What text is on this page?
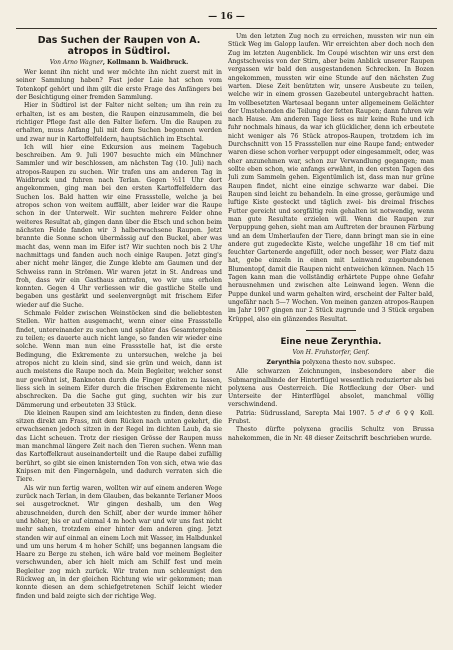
— 16 —
Das Suchen der Raupen von A. atropos in Südtirol.
Von Arno Wagner, Kollmann b. Waidbruck.

Wer kennt ihn nicht und wer möchte ihn nicht zuerst mit in seiner Sammlung haben? Fast jeder Laie hat schon vom Totenkopf gehört und ihm gilt die erste Frage des Anfängers bei der Besichtigung einer fremden Sammlung.

Hier in Südtirol ist der Falter nicht selten; um ihn rein zu erhalten, ist es am besten, die Raupen einzusammeln, die bei richtiger Pflege fast alle den Falter liefern. Um die Raupen zu erhalten, muss Anfang Juli mit dem Suchen begonnen werden und zwar nur in Kartoffelfeldern, hauptsächlich im Etschtal.

Ich will hier eine Exkursion aus meinem Tagebuch beschreiben. Am 9. Juli 1907 besuchte mich ein Münchner Sammler und wir beschlossen, am nächsten Tag (10. Juli) nach atropos-Raupen zu suchen. Wir trafen uns am anderen Tag in Waidbruck und fuhren nach Terlan. Gegen ½11 Uhr dort angekommen, ging man bei den ersten Kartoffelfeldern das Suchen los. Bald hatten wir eine Frassstelle, welche ja bei atropos schon von weitem auffällt, aber leider war die Raupe schon in der Unterwelt. Wir suchten mehrere Felder ohne weiteres Resultat ab, gingen dann über die Etsch und schon beim nächsten Felde fanden wir 3 halberwachsene Raupen. Jetzt brannte die Sonne schon übermässig auf den Buckel, aber was macht das, wenn man im Eifer ist? Wir suchten noch bis 2 Uhr nachmittags und fanden auch noch einige Raupen. Jetzt ging's aber nicht mehr länger, die Zunge klebte am Gaumen und der Schweiss rann in Strömen. Wir waren jetzt in St. Andreas und froh, dass wir ein Gasthaus antrafen, wo wir uns erholen konnten. Gegen 4 Uhr verliessen wir die gastliche Stelle und begaben uns gestärkt und seelenvergnügt mit frischem Eifer wieder auf die Suche.

Schmale Felder zwischen Weinstöcken sind die beliebtesten Stellen. Wir hatten ausgemacht, wenn einer eine Frassstelle findet, untereinander zu suchen und später das Gesamtergebnis zu teilen; es dauerte auch nicht lange, so fanden wir wieder eine solche. Wenn man nun eine Frassstelle hat, ist die erste Bedingung, die Exkremente zu untersuchen, welche ja bei atropos nicht zu klein sind, sind sie grün und weich, dann ist auch meistens die Raupe noch da. Mein Begleiter, welcher sonst nur gewöhnt ist, Banknoten durch die Finger gleiten zu lassen, liess sich in seinem Eifer durch die frischen Exkremente nicht abschrecken. Da die Sache gut ging, suchten wir bis zur Dämmerung und erbeuteten 33 Stück.

Die kleinen Raupen sind am leichtesten zu finden, denn diese sitzen direkt am Frass, mit dem Rücken nach unten gekehrt, die erwachsenen jedoch sitzen in der Regel im dichten Laub, da sie das Licht scheuen. Trotz der riesigen Grösse der Raupen muss man manchmal längere Zeit nach den Tieren suchen. Wenn man das Kartoffelkraut auseinanderteilt und die Raupe dabei zufällig berührt, so gibt sie einen knisternden Ton von sich, etwa wie das Knipsen mit den Fingernägeln, und dadurch verraten sich die Tiere.

Als wir nun fertig waren, wollten wir auf einem anderen Wege zurück nach Terlan, in dem Glauben, das bekannte Terlaner Moos sei ausgetrocknet. Wir gingen deshalb, um den Weg abzuschneiden, durch den Schilf, aber der wurde immer höher und höher, bis er auf einmal 4 m hoch war und wir uns fast nicht mehr sahen, trotzdem einer hinter dem anderen ging. Jetzt standen wir auf einmal an einem Loch mit Wasser, im Halbdunkel und um uns herum 4 m hoher Schilf; uns begannen langsam die Haare zu Berge zu stehen, ich wäre bald vor meinem Begleiter verschwunden, aber ich hielt mich am Schilf fest und mein Begleiter zog mich zurück. Wir traten nun schleunigst den Rückweg an, in der gleichen Richtung wie wir gekommen; man konnte diesen an dem schiefgetretenen Schilf leicht wieder finden und bald zeigte sich der richtige Weg.

Um den letzten Zug noch zu erreichen, mussten wir nun ein Stück Weg im Galopp laufen. Wir erreichten aber doch noch den Zug im letzten Augenblick. Im Coupé wischten wir uns erst den Angstschweiss von der Stirn, aber beim Anblick unserer Raupen vergassen wir bald den ausgestandenen Schrecken. In Bozen angekommen, mussten wir eine Stunde auf den nächsten Zug warten. Diese Zeit benützten wir, unsere Ausbeute zu teilen, welche wir in einem grossen Gazebeutel untergebracht hatten. Im vollbesetzten Wartesaal begann unter allgemeinem Gelächter der Umstehenden die Teilung der fetten Raupen; dann fuhren wir nach Hause. Am anderen Tage liess es mir keine Ruhe und ich fuhr nochmals hinaus, da war ich glücklicher, denn ich erbeutete nicht weniger als 76 Stück atropos-Raupen, trotzdem ich im Durchschnitt von 15 Frassstellen nur eine Raupe fand; entweder waren diese schon vorher verpuppt oder eingesammelt, oder, was eher anzunehmen war, schon zur Verwandlung gegangen; man sollte eben schon, wie anfangs erwähnt, in den ersten Tagen des Juli zum Sammeln gehen. Eigentümlich ist, dass man nur grüne Raupen findet, nicht eine einzige schwarze war dabei. Die Raupen sind leicht zu behandeln. In eine grosse, geräumige und luftige Kiste gesteckt und täglich zwei- bis dreimal frisches Futter gereicht und sorgfältig rein gehalten ist notwendig, wenn man gute Resultate erzielen will. Wenn die Raupen zur Verpuppung gehen, sieht man am Auftreten der braunen Färbung und an dem Umherlaufen der Tiere, dann bringt man sie in eine andere gut zugedeckte Kiste, welche ungefähr 18 cm tief mit feuchter Gartenerde angefüllt, oder noch besser, wer Platz dazu hat, gebe einzeln in einen mit Leinwand zugebundenen Blumentopf, damit die Raupen nicht entweichen können. Nach 15 Tagen kann man die vollständig erhärtete Puppe ohne Gefahr herausnehmen und zwischen alte Leinwand legen. Wenn die Puppe dunkel und warm gehalten wird, erscheint der Falter bald, ungefähr nach 5—7 Wochen. Von meinen ganzen atropos-Raupen im Jahr 1907 gingen nur 2 Stück zugrunde und 3 Stück ergaben Krüppel, also ein glänzendes Resultat.

Eine neue Zerynthia.
Von H. Fruhstorfer, Genf.
Zerynthia polyxena thesto nov. subspec.

Alle schwarzen Zeichnungen, insbesondere aber die Submarginalbinde der Hinterflügel wesentlich reduzierter als bei polyxena aus Oesterreich. Die Rotfleckung der Ober- und Unterseite der Hinterflügel absolet, manchmal völlig verschwindend.

Patria: Südrussland, Sarepta Mai 1907. 5 ♂♂ 6 ♀♀ Koll. Frubst.

Thesto dürfte polyxena gracilis Schultz von Brussa nahekommen, die in Nr. 48 dieser Zeitschrift beschrieben wurde.
